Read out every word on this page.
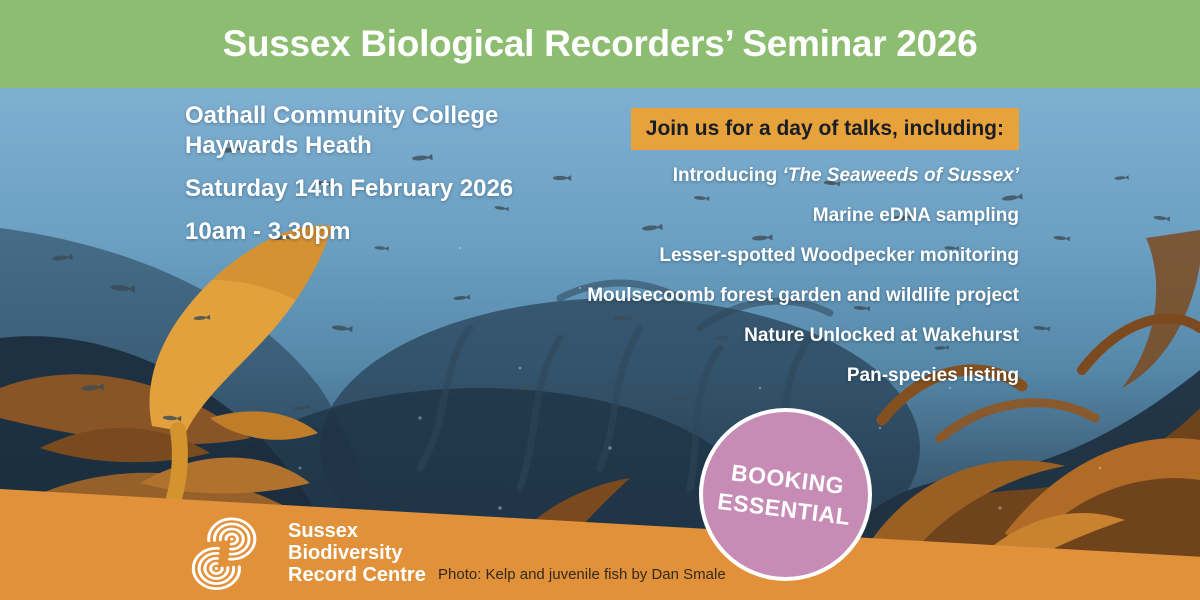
Sussex Biological Recorders’ Seminar 2026

Oathall Community College

Haywards Heath

Saturday 14th February 2026

10am - 3.30pm

Join us for a day of talks, including:
Introducing ‘The Seaweeds of Sussex’
Marine eDNA sampling
Lesser-spotted Woodpecker monitoring
Moulsecoomb forest garden and wildlife project
Nature Unlocked at Wakehurst
Pan-species listing
BOOKING
ESSENTIAL
Sussex
Biodiversity
Record Centre Photo: Kelp and juvenile fish by Dan Smale
